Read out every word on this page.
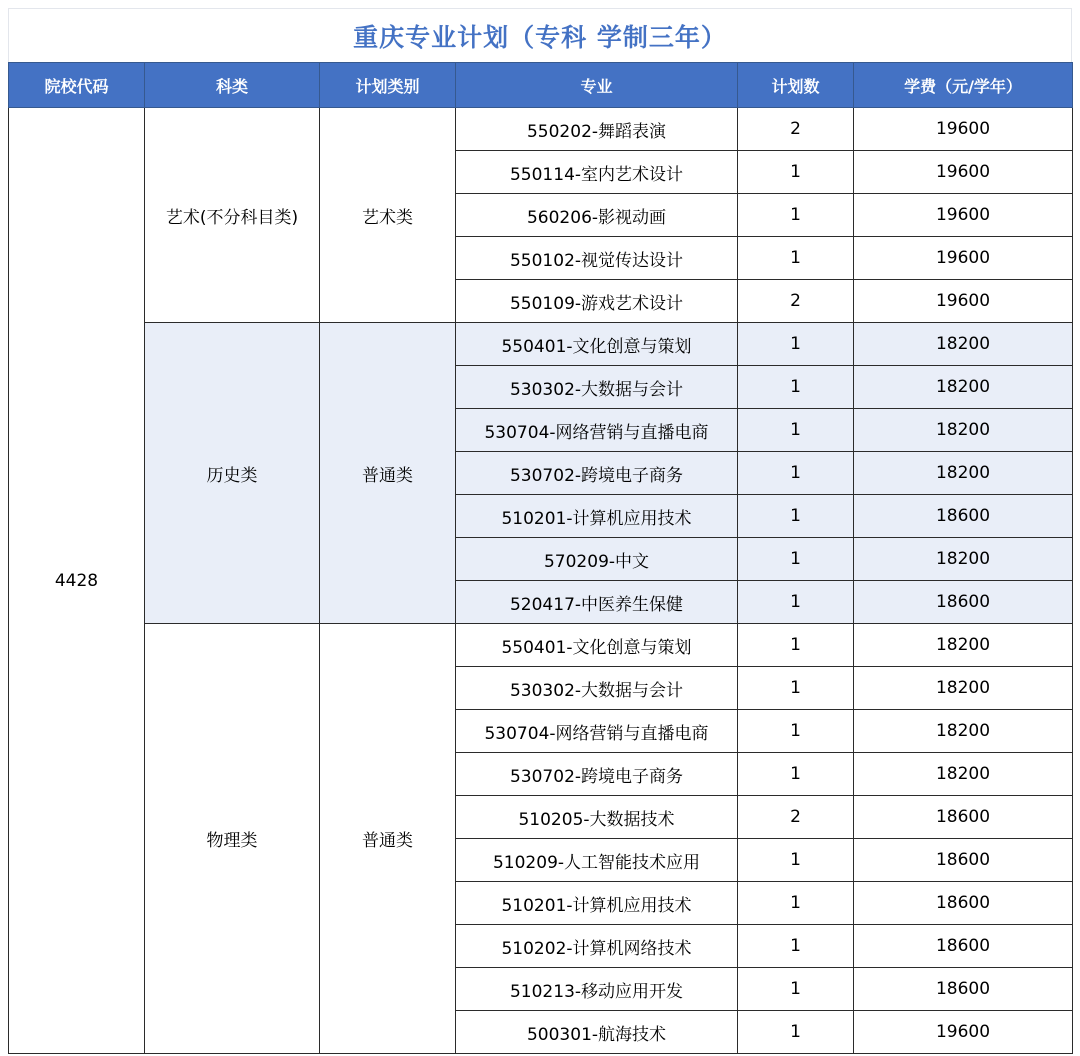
重庆专业计划（专科 学制三年）
院校代码	科类	计划类别	专业	计划数	学费（元/学年）
4428	艺术(不分科目类)	艺术类	550202-舞蹈表演	2	19600
			550114-室内艺术设计	1	19600
			560206-影视动画	1	19600
			550102-视觉传达设计	1	19600
			550109-游戏艺术设计	2	19600
	历史类	普通类	550401-文化创意与策划	1	18200
			530302-大数据与会计	1	18200
			530704-网络营销与直播电商	1	18200
			530702-跨境电子商务	1	18200
			510201-计算机应用技术	1	18600
			570209-中文	1	18200
			520417-中医养生保健	1	18600
	物理类	普通类	550401-文化创意与策划	1	18200
			530302-大数据与会计	1	18200
			530704-网络营销与直播电商	1	18200
			530702-跨境电子商务	1	18200
			510205-大数据技术	2	18600
			510209-人工智能技术应用	1	18600
			510201-计算机应用技术	1	18600
			510202-计算机网络技术	1	18600
			510213-移动应用开发	1	18600
			500301-航海技术	1	19600
